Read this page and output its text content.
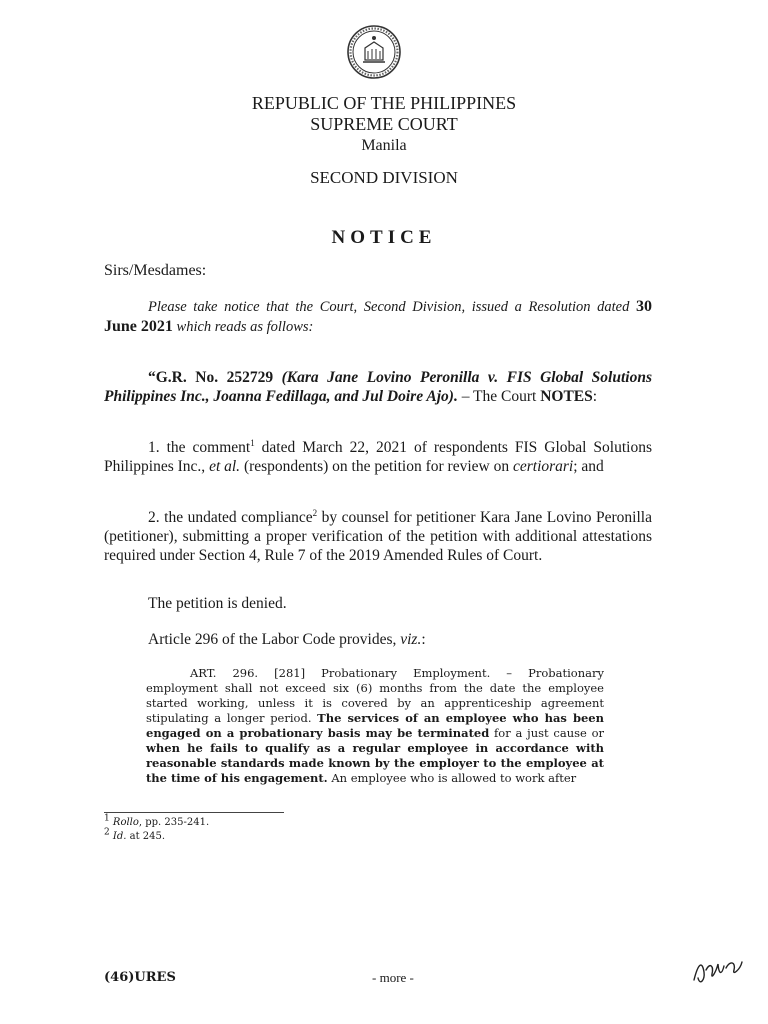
REPUBLIC OF THE PHILIPPINES
SUPREME COURT
Manila
SECOND DIVISION
NOTICE
Sirs/Mesdames:
Please take notice that the Court, Second Division, issued a Resolution dated 30 June 2021 which reads as follows:
“G.R. No. 252729 (Kara Jane Lovino Peronilla v. FIS Global Solutions Philippines Inc., Joanna Fedillaga, and Jul Doire Ajo). – The Court NOTES:
1. the comment$^1$ dated March 22, 2021 of respondents FIS Global Solutions Philippines Inc., et al. (respondents) on the petition for review on certiorari; and
2. the undated compliance$^2$ by counsel for petitioner Kara Jane Lovino Peronilla (petitioner), submitting a proper verification of the petition with additional attestations required under Section 4, Rule 7 of the 2019 Amended Rules of Court.
The petition is denied.
Article 296 of the Labor Code provides, viz.:
ART. 296. [281] Probationary Employment. – Probationary employment shall not exceed six (6) months from the date the employee started working, unless it is covered by an apprenticeship agreement stipulating a longer period. The services of an employee who has been engaged on a probationary basis may be terminated for a just cause or when he fails to qualify as a regular employee in accordance with reasonable standards made known by the employer to the employee at the time of his engagement. An employee who is allowed to work after
$^1$ Rollo, pp. 235-241.
$^2$ Id. at 245.
(46)URES	- more -
